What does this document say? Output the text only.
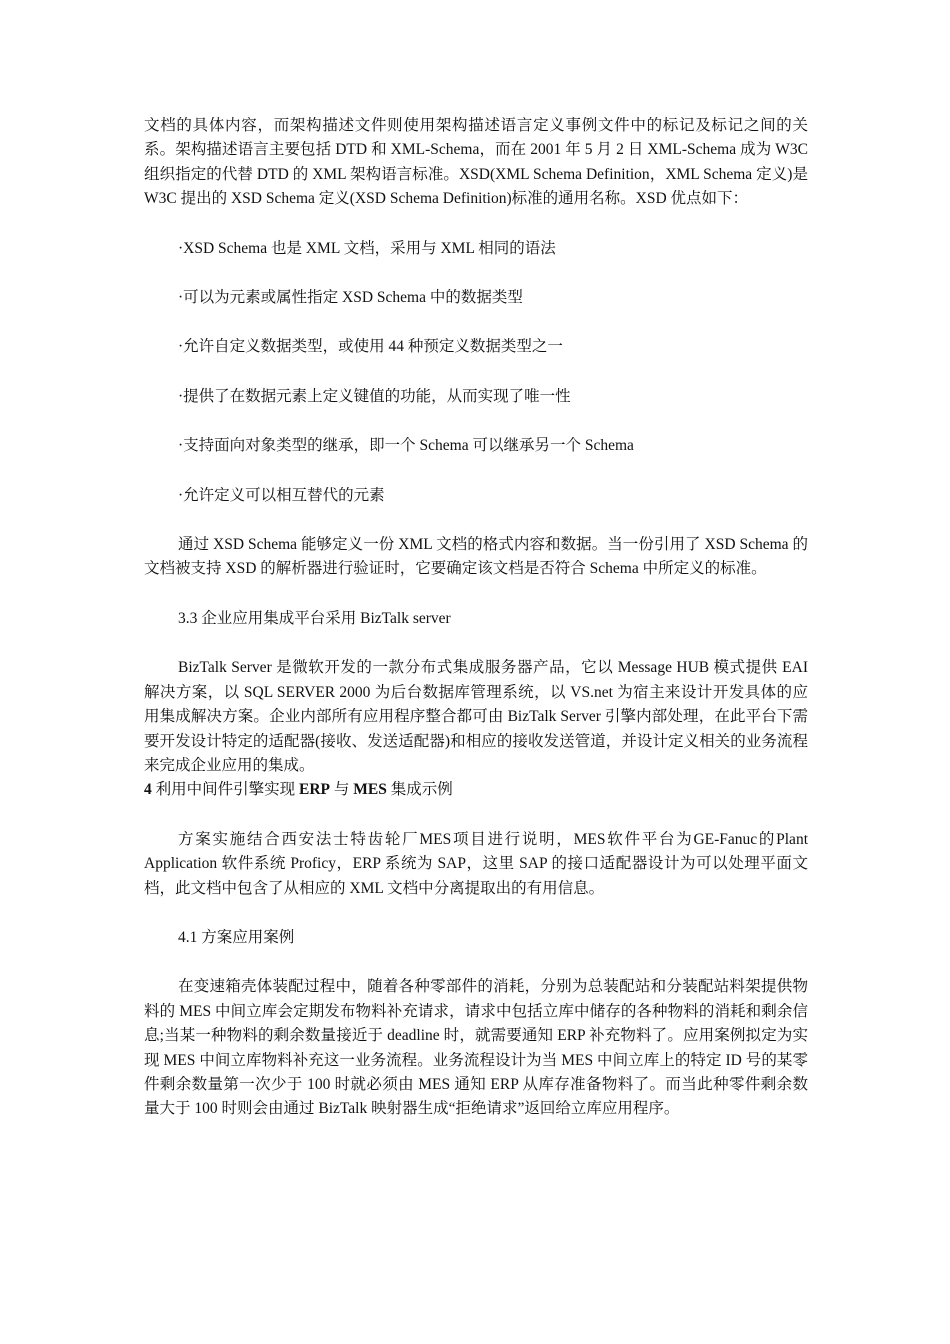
文档的具体内容，而架构描述文件则使用架构描述语言定义事例文件中的标记及标记之间的关系。架构描述语言主要包括 DTD 和 XML-Schema，而在 2001 年 5 月 2 日 XML-Schema 成为 W3C 组织指定的代替 DTD 的 XML 架构语言标准。XSD(XML Schema Definition，XML Schema 定义)是 W3C 提出的 XSD Schema 定义(XSD Schema Definition)标准的通用名称。XSD 优点如下：

·XSD Schema 也是 XML 文档，采用与 XML 相同的语法

·可以为元素或属性指定 XSD Schema 中的数据类型

·允许自定义数据类型，或使用 44 种预定义数据类型之一

·提供了在数据元素上定义键值的功能，从而实现了唯一性

·支持面向对象类型的继承，即一个 Schema 可以继承另一个 Schema

·允许定义可以相互替代的元素

通过 XSD Schema 能够定义一份 XML 文档的格式内容和数据。当一份引用了 XSD Schema 的文档被支持 XSD 的解析器进行验证时，它要确定该文档是否符合 Schema 中所定义的标准。

3.3 企业应用集成平台采用 BizTalk server

BizTalk Server 是微软开发的一款分布式集成服务器产品，它以 Message HUB 模式提供 EAI 解决方案，以 SQL SERVER 2000 为后台数据库管理系统，以 VS.net 为宿主来设计开发具体的应用集成解决方案。企业内部所有应用程序整合都可由 BizTalk Server 引擎内部处理，在此平台下需要开发设计特定的适配器(接收、发送适配器)和相应的接收发送管道，并设计定义相关的业务流程来完成企业应用的集成。

4 利用中间件引擎实现 ERP 与 MES 集成示例

方案实施结合西安法士特齿轮厂MES项目进行说明，MES软件平台为GE-Fanuc的Plant Application 软件系统 Proficy，ERP 系统为 SAP，这里 SAP 的接口适配器设计为可以处理平面文档，此文档中包含了从相应的 XML 文档中分离提取出的有用信息。

4.1 方案应用案例

在变速箱壳体装配过程中，随着各种零部件的消耗，分别为总装配站和分装配站料架提供物料的 MES 中间立库会定期发布物料补充请求，请求中包括立库中储存的各种物料的消耗和剩余信息;当某一种物料的剩余数量接近于 deadline 时，就需要通知 ERP 补充物料了。应用案例拟定为实现 MES 中间立库物料补充这一业务流程。业务流程设计为当 MES 中间立库上的特定 ID 号的某零件剩余数量第一次少于 100 时就必须由 MES 通知 ERP 从库存准备物料了。而当此种零件剩余数量大于 100 时则会由通过 BizTalk 映射器生成“拒绝请求”返回给立库应用程序。
